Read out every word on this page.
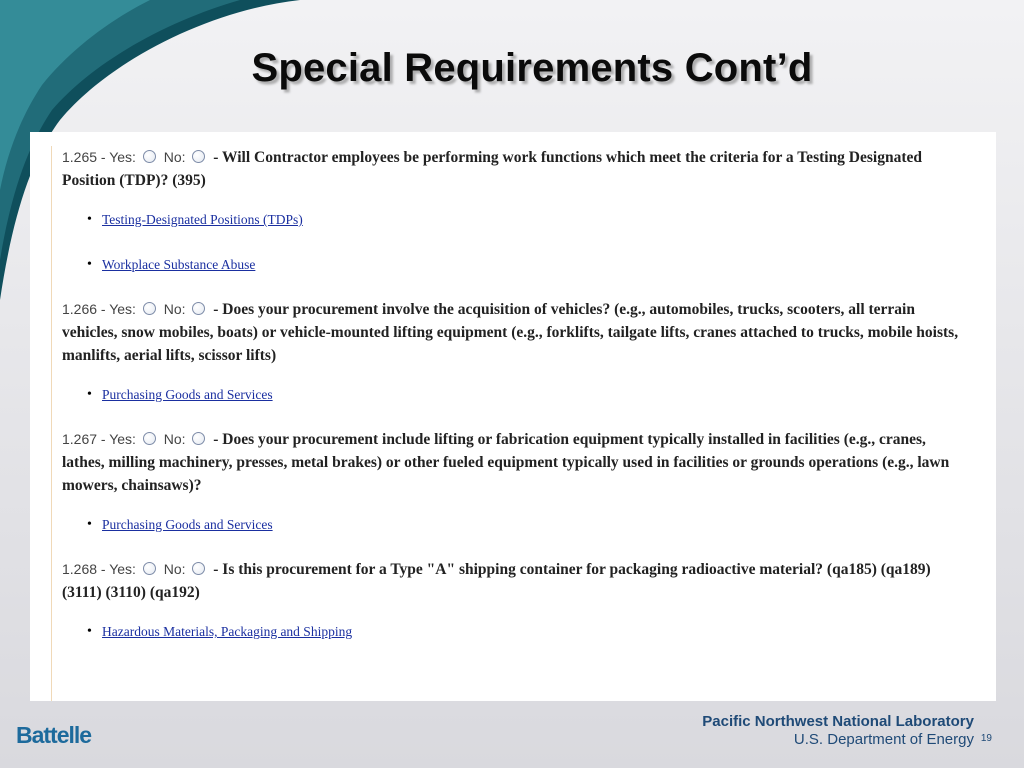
Special Requirements Cont’d
1.265 - Yes: No: - Will Contractor employees be performing work functions which meet the criteria for a Testing Designated Position (TDP)? (395)
• Testing-Designated Positions (TDPs)
• Workplace Substance Abuse
1.266 - Yes: No: - Does your procurement involve the acquisition of vehicles? (e.g., automobiles, trucks, scooters, all terrain vehicles, snow mobiles, boats) or vehicle-mounted lifting equipment (e.g., forklifts, tailgate lifts, cranes attached to trucks, mobile hoists, manlifts, aerial lifts, scissor lifts)
• Purchasing Goods and Services
1.267 - Yes: No: - Does your procurement include lifting or fabrication equipment typically installed in facilities (e.g., cranes, lathes, milling machinery, presses, metal brakes) or other fueled equipment typically used in facilities or grounds operations (e.g., lawn mowers, chainsaws)?
• Purchasing Goods and Services
1.268 - Yes: No: - Is this procurement for a Type "A" shipping container for packaging radioactive material? (qa185) (qa189) (3111) (3110) (qa192)
• Hazardous Materials, Packaging and Shipping
Battelle
Pacific Northwest National Laboratory
U.S. Department of Energy 19
